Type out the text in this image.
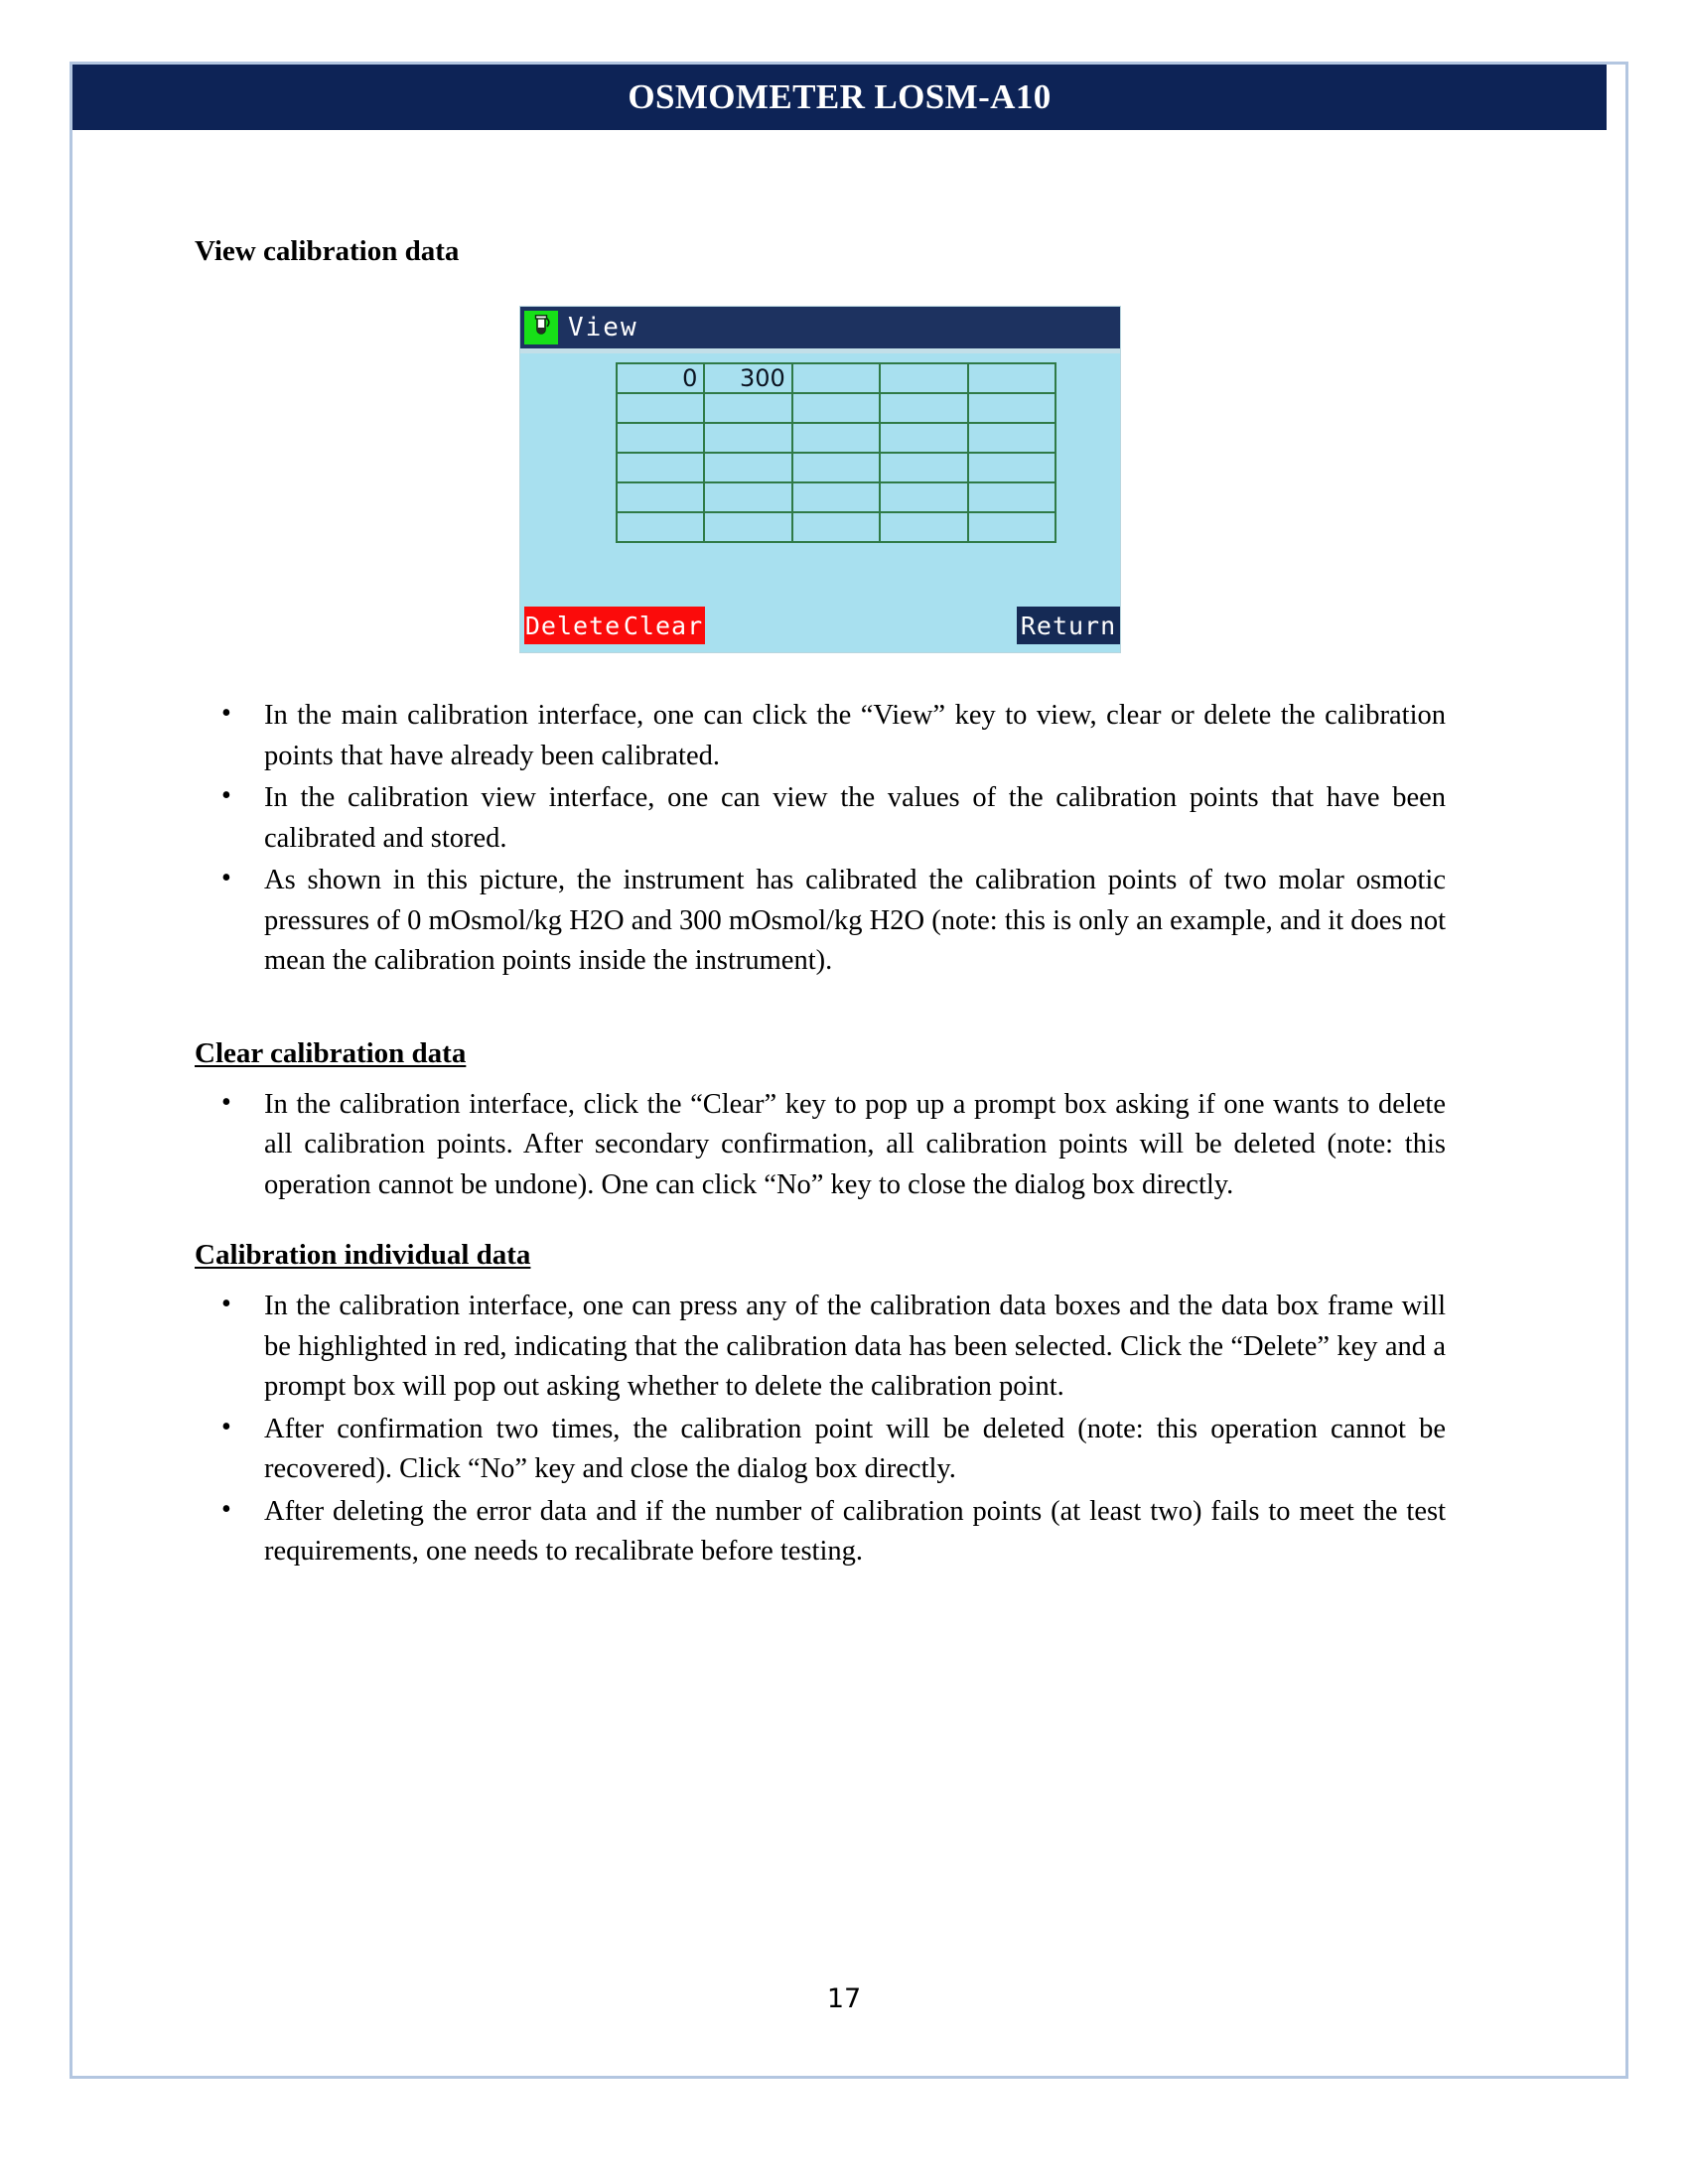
OSMOMETER LOSM-A10
View calibration data
View
0	300			

Delete Clear	Return
• In the main calibration interface, one can click the “View” key to view, clear or delete the calibration points that have already been calibrated.
• In the calibration view interface, one can view the values of the calibration points that have been calibrated and stored.
• As shown in this picture, the instrument has calibrated the calibration points of two molar osmotic pressures of 0 mOsmol/kg H2O and 300 mOsmol/kg H2O (note: this is only an example, and it does not mean the calibration points inside the instrument).
Clear calibration data
• In the calibration interface, click the “Clear” key to pop up a prompt box asking if one wants to delete all calibration points. After secondary confirmation, all calibration points will be deleted (note: this operation cannot be undone). One can click “No” key to close the dialog box directly.
Calibration individual data
• In the calibration interface, one can press any of the calibration data boxes and the data box frame will be highlighted in red, indicating that the calibration data has been selected. Click the “Delete” key and a prompt box will pop out asking whether to delete the calibration point.
• After confirmation two times, the calibration point will be deleted (note: this operation cannot be recovered). Click “No” key and close the dialog box directly.
• After deleting the error data and if the number of calibration points (at least two) fails to meet the test requirements, one needs to recalibrate before testing.
17
